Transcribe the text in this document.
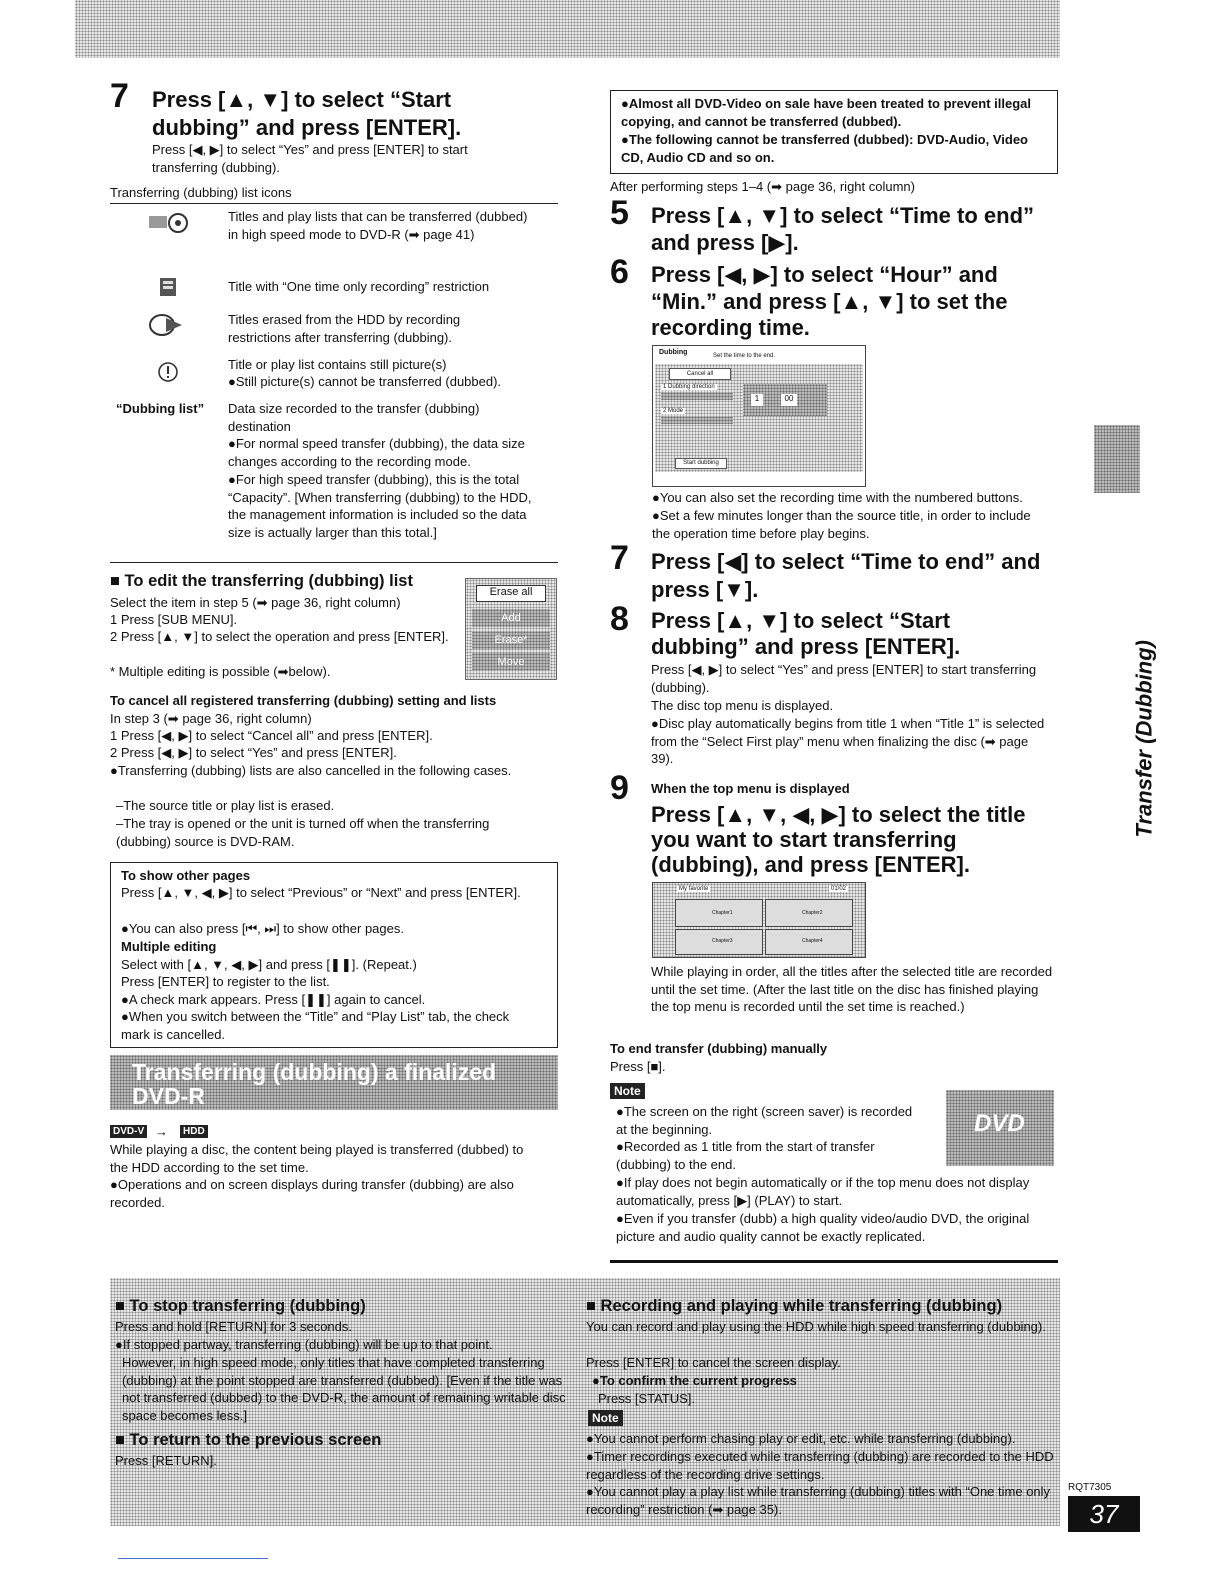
7 Press [▲, ▼] to select “Start
dubbing” and press [ENTER].
Press [◀, ▶] to select “Yes” and press [ENTER] to start transferring (dubbing).
Transferring (dubbing) list icons
Titles and play lists that can be transferred (dubbed) in high speed mode to DVD-R (➡ page 41)
Title with “One time only recording” restriction
Titles erased from the HDD by recording restrictions after transferring (dubbing).
Title or play list contains still picture(s)
●Still picture(s) cannot be transferred (dubbed).
“Dubbing list” Data size recorded to the transfer (dubbing) destination
●For normal speed transfer (dubbing), the data size changes according to the recording mode.
●For high speed transfer (dubbing), this is the total “Capacity”. [When transferring (dubbing) to the HDD, the management information is included so the data size is actually larger than this total.]
■ To edit the transferring (dubbing) list
Select the item in step 5 (➡ page 36, right column)
1 Press [SUB MENU].
2 Press [▲, ▼] to select the operation and press [ENTER].
* Multiple editing is possible (➡below).
Erase all
Add
Erase*
Move
To cancel all registered transferring (dubbing) setting and lists
In step 3 (➡ page 36, right column)
1 Press [◀, ▶] to select “Cancel all” and press [ENTER].
2 Press [◀, ▶] to select “Yes” and press [ENTER].
●Transferring (dubbing) lists are also cancelled in the following cases.
–The source title or play list is erased.
–The tray is opened or the unit is turned off when the transferring (dubbing) source is DVD-RAM.
To show other pages
Press [▲, ▼, ◀, ▶] to select “Previous” or “Next” and press [ENTER].
●You can also press [⏮, ⏭] to show other pages.
Multiple editing
Select with [▲, ▼, ◀, ▶] and press [❚❚]. (Repeat.)
Press [ENTER] to register to the list.
●A check mark appears. Press [❚❚] again to cancel.
●When you switch between the “Title” and “Play List” tab, the check mark is cancelled.
Transferring (dubbing) a finalized
DVD-R
DVD-V →	HDD
While playing a disc, the content being played is transferred (dubbed) to the HDD according to the set time.
●Operations and on screen displays during transfer (dubbing) are also recorded.
●Almost all DVD-Video on sale have been treated to prevent illegal copying, and cannot be transferred (dubbed).
●The following cannot be transferred (dubbed): DVD-Audio, Video CD, Audio CD and so on.
After performing steps 1–4 (➡ page 36, right column)
5 Press [▲, ▼] to select “Time to end”
and press [▶].
6 Press [◀, ▶] to select “Hour” and
“Min.” and press [▲, ▼] to set the
recording time.
Dubbing	Set the time to the end.
Cancel all
1 Dubbing direction
2 Mode
1	00
Start dubbing
●You can also set the recording time with the numbered buttons.
●Set a few minutes longer than the source title, in order to include the operation time before play begins.
7 Press [◀] to select “Time to end” and
press [▼].
8 Press [▲, ▼] to select “Start
dubbing” and press [ENTER].
Press [◀, ▶] to select “Yes” and press [ENTER] to start transferring (dubbing).
The disc top menu is displayed.
●Disc play automatically begins from title 1 when “Title 1” is selected from the “Select First play” menu when finalizing the disc (➡ page 39).
9 When the top menu is displayed
Press [▲, ▼, ◀, ▶] to select the title
you want to start transferring
(dubbing), and press [ENTER].
My favorite	01/02
Chapter1	Chapter2
Chapter3	Chapter4
While playing in order, all the titles after the selected title are recorded until the set time. (After the last title on the disc has finished playing the top menu is recorded until the set time is reached.)
To end transfer (dubbing) manually
Press [■].
Note
●The screen on the right (screen saver) is recorded at the beginning.
●Recorded as 1 title from the start of transfer (dubbing) to the end.
●If play does not begin automatically or if the top menu does not display automatically, press [▶] (PLAY) to start.
●Even if you transfer (dubb) a high quality video/audio DVD, the original picture and audio quality cannot be exactly replicated.
DVD
Transfer (Dubbing)
■ To stop transferring (dubbing)
Press and hold [RETURN] for 3 seconds.
●If stopped partway, transferring (dubbing) will be up to that point.
However, in high speed mode, only titles that have completed transferring (dubbing) at the point stopped are transferred (dubbed). [Even if the title was not transferred (dubbed) to the DVD-R, the amount of remaining writable disc space becomes less.]
■ To return to the previous screen
Press [RETURN].
■ Recording and playing while transferring (dubbing)
You can record and play using the HDD while high speed transferring (dubbing).
Press [ENTER] to cancel the screen display.
●To confirm the current progress
Press [STATUS].
Note
●You cannot perform chasing play or edit, etc. while transferring (dubbing).
●Timer recordings executed while transferring (dubbing) are recorded to the HDD regardless of the recording drive settings.
●You cannot play a play list while transferring (dubbing) titles with “One time only recording” restriction (➡ page 35).
RQT7305
37
